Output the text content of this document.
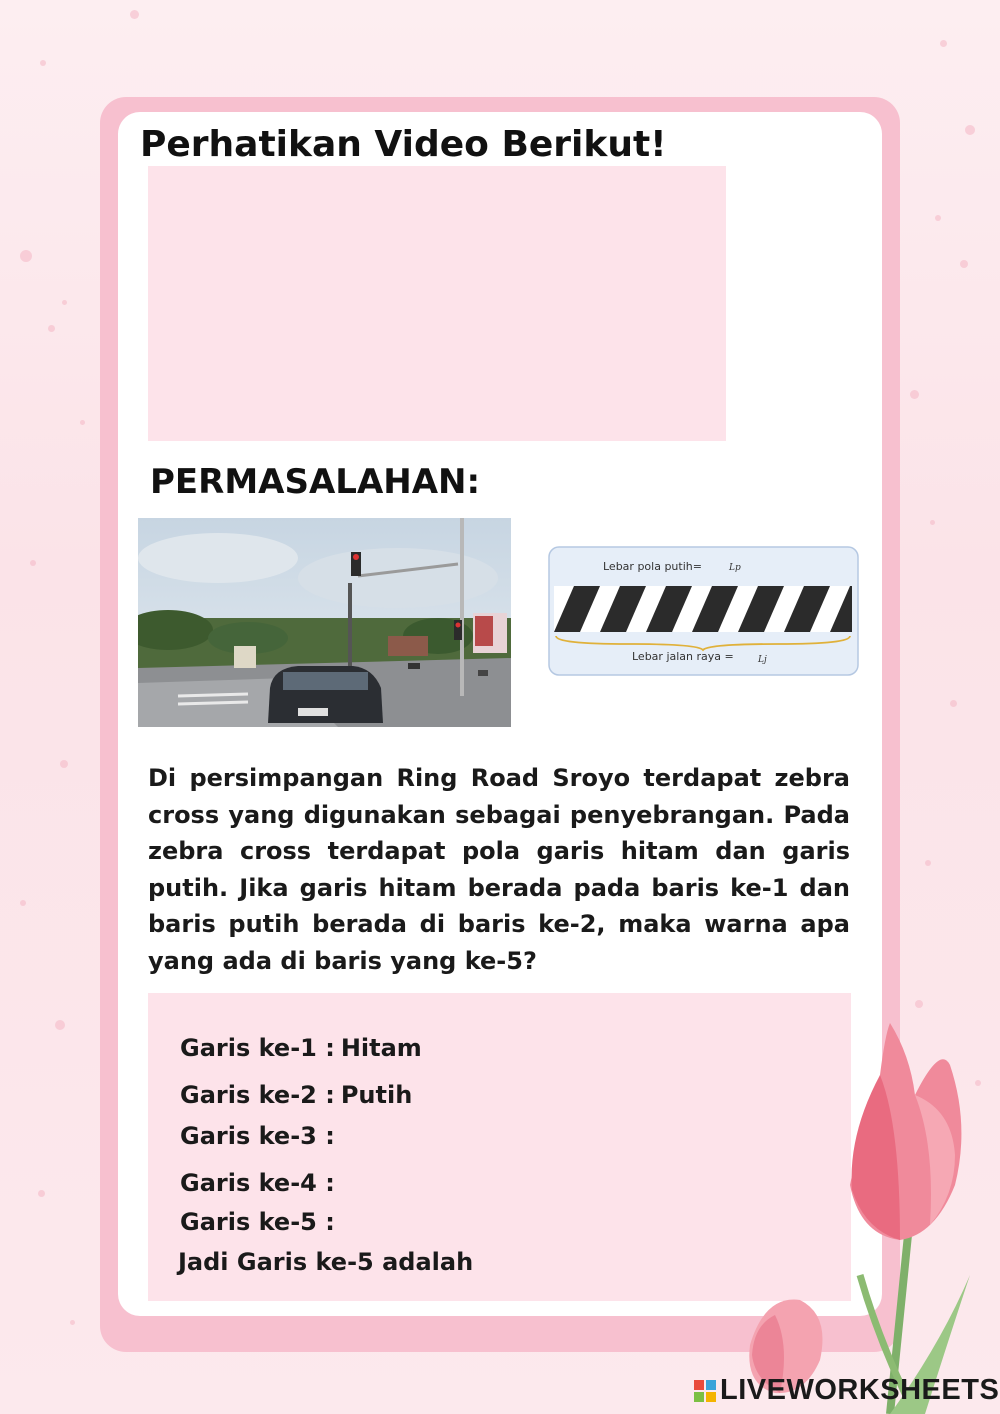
Perhatikan Video Berikut!
PERMASALAHAN:
Lebar pola putih=	Lp
Lebar jalan raya =	Lj

Di persimpangan Ring Road Sroyo terdapat zebra cross yang digunakan sebagai penyebrangan. Pada zebra cross terdapat pola garis hitam dan garis putih. Jika garis hitam berada pada baris ke-1 dan baris putih berada di baris ke-2, maka warna apa yang ada di baris yang ke-5?

Garis ke-1 : Hitam
Garis ke-2 : Putih
Garis ke-3 :
Garis ke-4 :
Garis ke-5 :
Jadi Garis ke-5 adalah
LIVEWORKSHEETS
